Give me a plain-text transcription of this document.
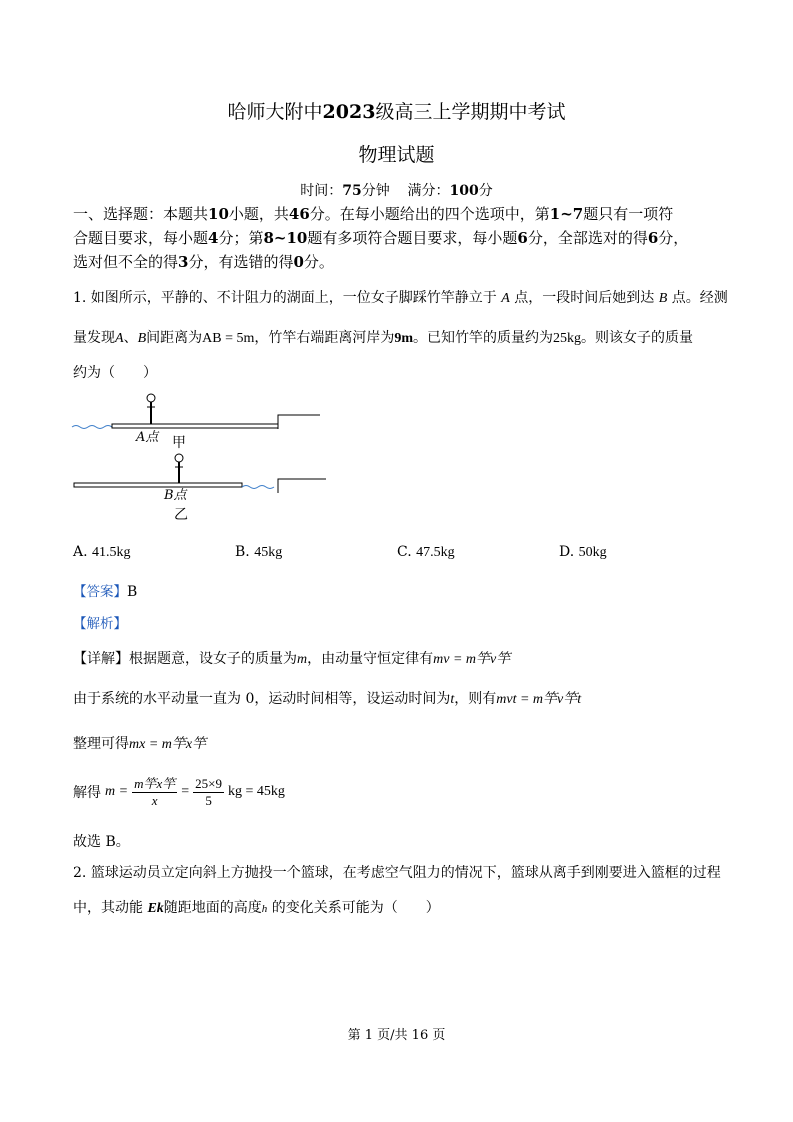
哈师大附中2023级高三上学期期中考试
物理试题
时间：75分钟 满分：100分
一、选择题：本题共10小题，共46分。在每小题给出的四个选项中，第1~7题只有一项符
合题目要求，每小题4分；第8~10题有多项符合题目要求，每小题6分，全部选对的得6分，
选对但不全的得3分，有选错的得0分。
1. 如图所示，平静的、不计阻力的湖面上，一位女子脚踩竹竿静立于 A 点，一段时间后她到达 B 点。经测
量发现A、B间距离为AB = 5m，竹竿右端距离河岸为9m。已知竹竿的质量约为25kg。则该女子的质量
约为（　　）
A点 甲
B点
乙
A. 41.5kg	B. 45kg	C. 47.5kg	D. 50kg
【答案】B
【解析】
【详解】根据题意，设女子的质量为m，由动量守恒定律有mv = m竿v竿
由于系统的水平动量一直为 0，运动时间相等，设运动时间为t，则有mvt = m竿v竿t
整理可得mx = m竿x竿
解得 $m = \frac{\text{m竿x竿}}{x} = \frac{25\times 9}{5}$ kg = 45kg
故选 B。
2. 篮球运动员立定向斜上方抛投一个篮球，在考虑空气阻力的情况下，篮球从离手到刚要进入篮框的过程
中，其动能 Ek随距地面的高度h 的变化关系可能为（　　）
第 1 页/共 16 页
